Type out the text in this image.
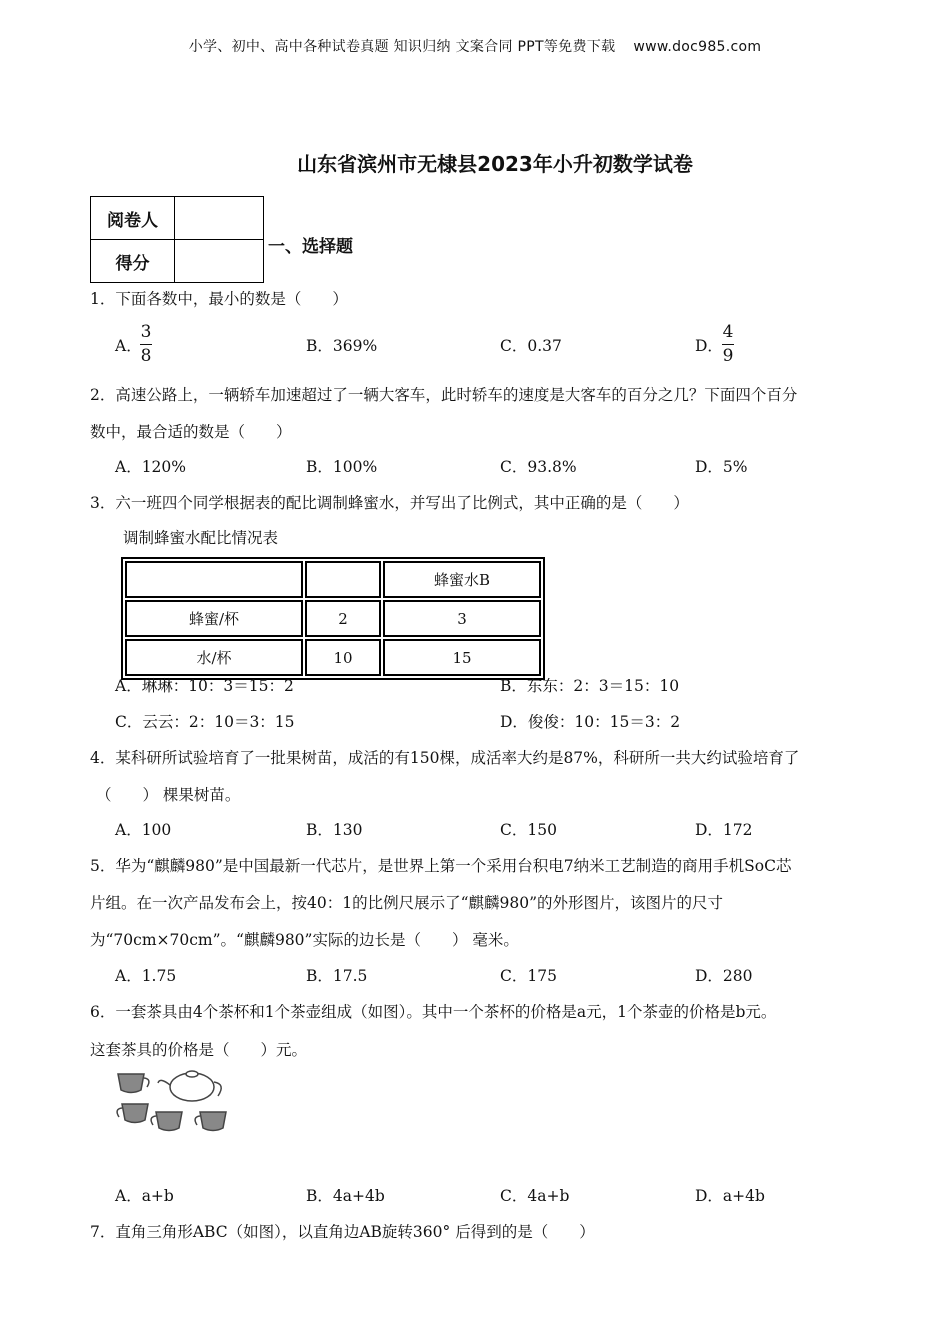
小学、初中、高中各种试卷真题 知识归纳 文案合同 PPT等免费下载 www.doc985.com
山东省滨州市无棣县2023年小升初数学试卷
阅卷人	
得分	
一、选择题
1．下面各数中，最小的数是（　　）
A．
3
8	B．369%	C．0.37	D．
4
9
2．高速公路上，一辆轿车加速超过了一辆大客车，此时轿车的速度是大客车的百分之几？下面四个百分
数中，最合适的数是（　　）
A．120%	B．100%	C．93.8%	D．5%
3．六一班四个同学根据表的配比调制蜂蜜水，并写出了比例式，其中正确的是（　　）
调制蜂蜜水配比情况表
		蜂蜜水B
蜂蜜/杯	2	3
水/杯	10	15
A．琳琳：10：3＝15：2	B．东东：2：3＝15：10
C．云云：2：10＝3：15	D．俊俊：10：15＝3：2
4．某科研所试验培育了一批果树苗，成活的有150棵，成活率大约是87%，科研所一共大约试验培育了
（　　） 棵果树苗。
A．100	B．130	C．150	D．172
5．华为“麒麟980”是中国最新一代芯片，是世界上第一个采用台积电7纳米工艺制造的商用手机SoC芯
片组。在一次产品发布会上，按40：1的比例尺展示了“麒麟980”的外形图片，该图片的尺寸
为“70cm×70cm”。“麒麟980”实际的边长是（　　） 毫米。
A．1.75	B．17.5	C．175	D．280
6．一套茶具由4个茶杯和1个茶壶组成（如图）。其中一个茶杯的价格是a元，1个茶壶的价格是b元。
这套茶具的价格是（　　）元。
A．a+b	B．4a+4b	C．4a+b	D．a+4b
7．直角三角形ABC（如图），以直角边AB旋转360° 后得到的是（　　）
